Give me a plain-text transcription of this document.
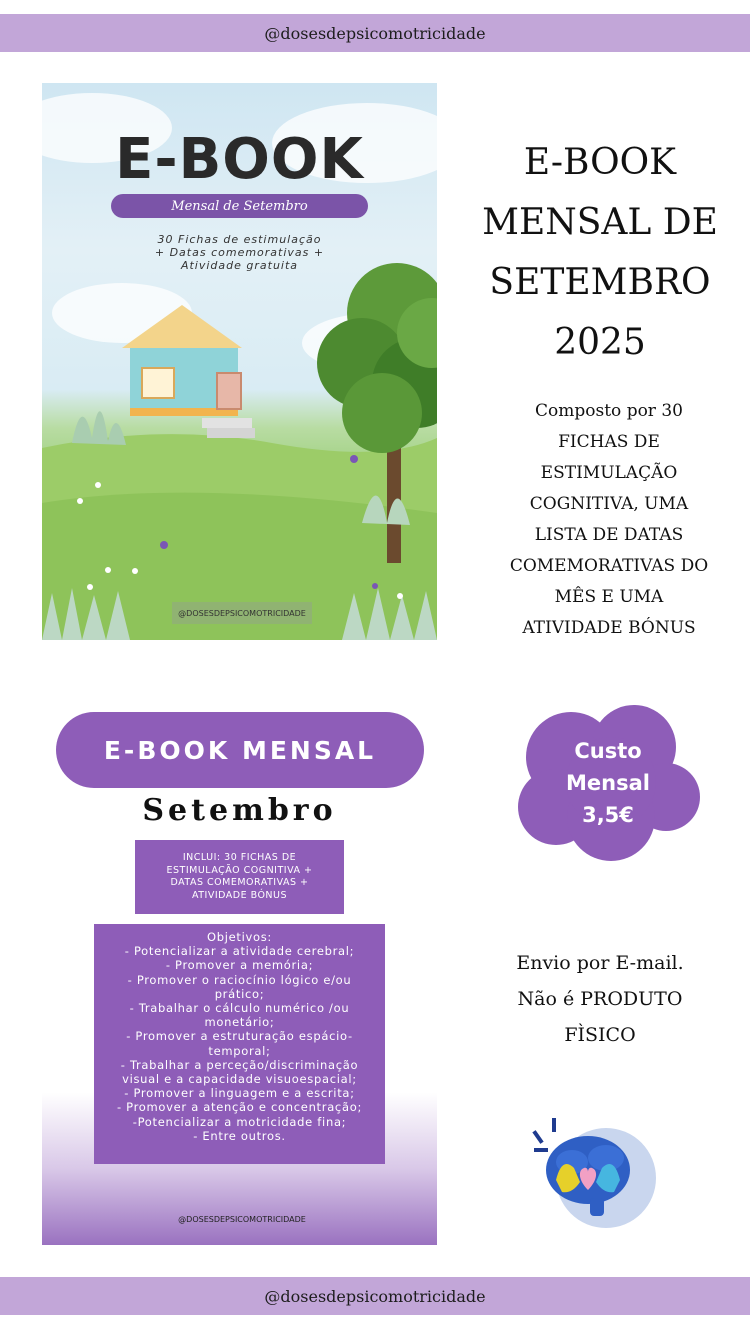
@dosesdepsicomotricidade
E-BOOK
Mensal de Setembro
30 Fichas de estimulação
+ Datas comemorativas +
Atividade gratuita
@DOSESDEPSICOMOTRICIDADE
E-BOOK
MENSAL DE
SETEMBRO
2025
Composto por 30
FICHAS DE
ESTIMULAÇÃO
COGNITIVA, UMA
LISTA DE DATAS
COMEMORATIVAS DO
MÊS E UMA
ATIVIDADE BÓNUS
E-BOOK MENSAL
Setembro
INCLUI: 30 FICHAS DE
ESTIMULAÇÃO COGNITIVA +
DATAS COMEMORATIVAS +
ATIVIDADE BÓNUS
Objetivos:
- Potencializar a atividade cerebral;
- Promover a memória;
- Promover o raciocínio lógico e/ou
prático;
- Trabalhar o cálculo numérico /ou
monetário;
- Promover a estruturação espácio-
temporal;
- Trabalhar a perceção/discriminação
visual e a capacidade visuoespacial;
- Promover a linguagem e a escrita;
- Promover a atenção e concentração;
-Potencializar a motricidade fina;
- Entre outros.
@DOSESDEPSICOMOTRICIDADE
Custo
Mensal
3,5€
Envio por E-mail.
Não é PRODUTO
FÌSICO
@dosesdepsicomotricidade
